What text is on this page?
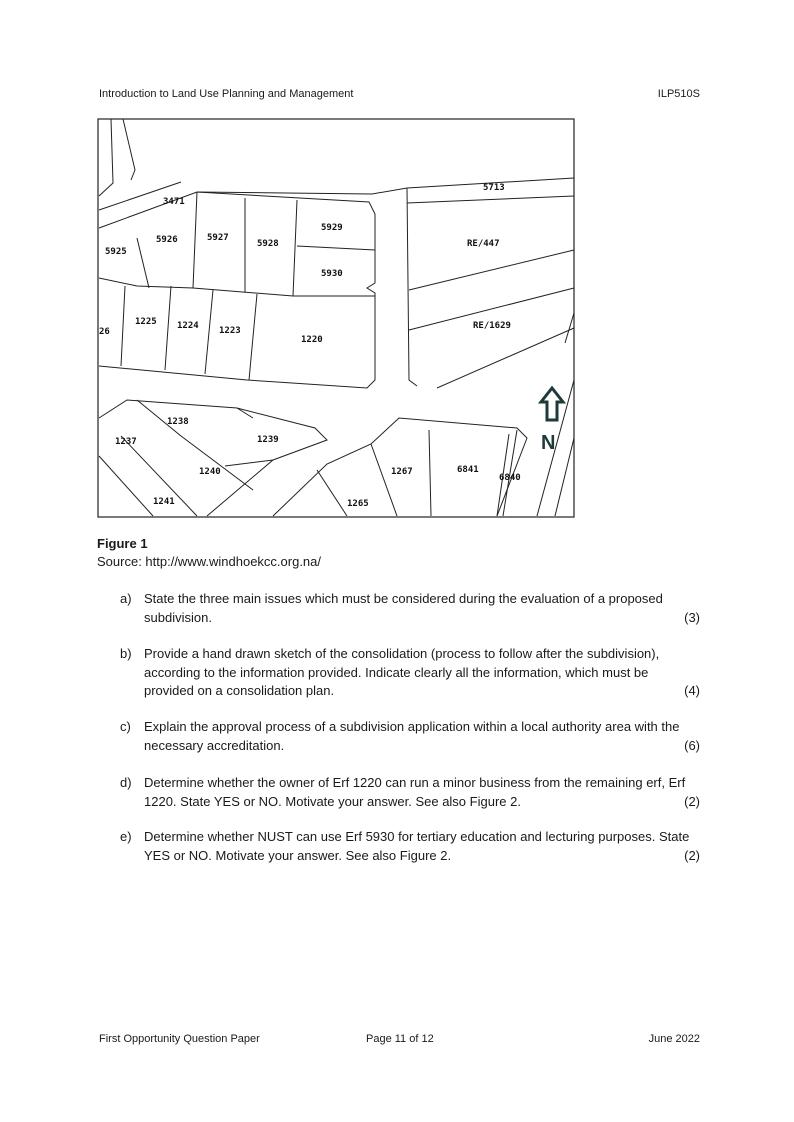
Introduction to Land Use Planning and Management	ILP510S
N
3471
5713
5929
5926	5927
5928	RE/447
5925
5930
1225 1224 1223	RE/1629
26
1220
1238
1239
1237
1240	1267	6841
6840
1241	1265
Figure 1
Source: http://www.windhoekcc.org.na/
a) State the three main issues which must be considered during the evaluation of a proposed subdivision.	(3)
b) Provide a hand drawn sketch of the consolidation (process to follow after the subdivision), according to the information provided. Indicate clearly all the information, which must be provided on a consolidation plan.	(4)
c) Explain the approval process of a subdivision application within a local authority area with the necessary accreditation.	(6)
d) Determine whether the owner of Erf 1220 can run a minor business from the remaining erf, Erf 1220. State YES or NO. Motivate your answer. See also Figure 2.	(2)
e) Determine whether NUST can use Erf 5930 for tertiary education and lecturing purposes. State YES or NO. Motivate your answer. See also Figure 2.	(2)
First Opportunity Question Paper	Page 11 of 12	June 2022
